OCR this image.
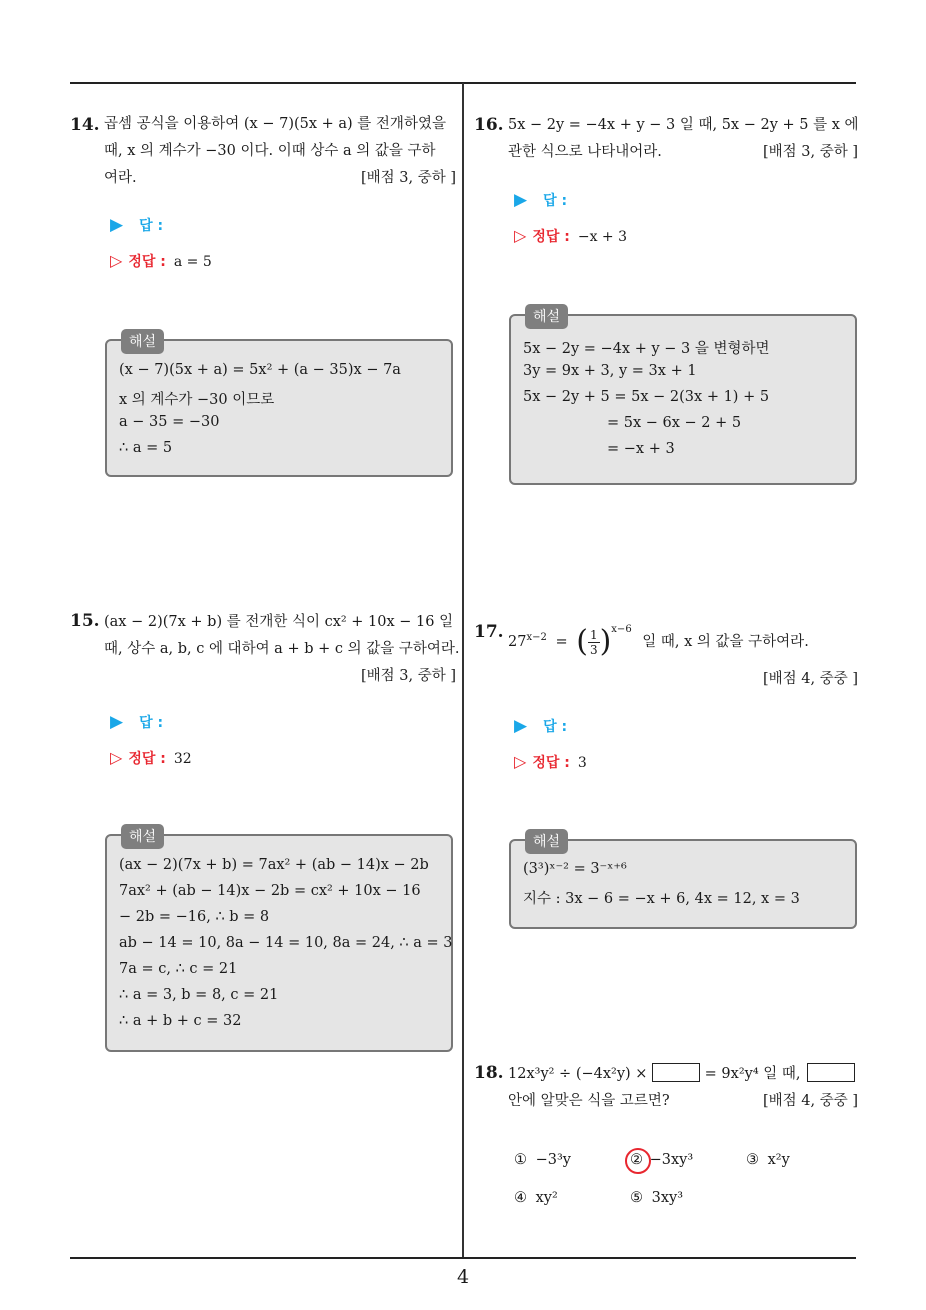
14. 곱셈 공식을 이용하여 (x − 7)(5x + a) 를 전개하였을
때, x 의 계수가 −30 이다. 이때 상수 a 의 값을 구하
여라.	[배점 3, 중하 ]
▶ 답 :
▷ 정답 : a = 5
해설
(x − 7)(5x + a) = 5x² + (a − 35)x − 7a
x 의 계수가 −30 이므로
a − 35 = −30
∴ a = 5
15. (ax − 2)(7x + b) 를 전개한 식이 cx² + 10x − 16 일
때, 상수 a, b, c 에 대하여 a + b + c 의 값을 구하여라.
[배점 3, 중하 ]
▶ 답 :
▷ 정답 : 32
해설
(ax − 2)(7x + b) = 7ax² + (ab − 14)x − 2b
7ax² + (ab − 14)x − 2b = cx² + 10x − 16
− 2b = −16, ∴ b = 8
ab − 14 = 10, 8a − 14 = 10, 8a = 24, ∴ a = 3
7a = c, ∴ c = 21
∴ a = 3, b = 8, c = 21
∴ a + b + c = 32
16. 5x − 2y = −4x + y − 3 일 때, 5x − 2y + 5 를 x 에
관한 식으로 나타내어라.	[배점 3, 중하 ]
▶ 답 :
▷ 정답 : −x + 3
해설
5x − 2y = −4x + y − 3 을 변형하면
3y = 9x + 3, y = 3x + 1
5x − 2y + 5 = 5x − 2(3x + 1) + 5
= 5x − 6x − 2 + 5
= −x + 3
17. $27^{x-2}$ = ( $\frac{1}{3})^{x-6}$ 일 때, x 의 값을 구하여라.
[배점 4, 중중 ]
▶ 답 :
▷ 정답 : 3
해설
(3³)ˣ⁻² = 3⁻ˣ⁺⁶
지수 : 3x − 6 = −x + 6, 4x = 12, x = 3
18. 12x³y² ÷ (−4x²y) ×	= 9x²y⁴ 일 때,
안에 알맞은 식을 고르면?	[배점 4, 중중 ]
① −3³y	② −3xy³	③ x²y
④ xy²	⑤ 3xy³
4
